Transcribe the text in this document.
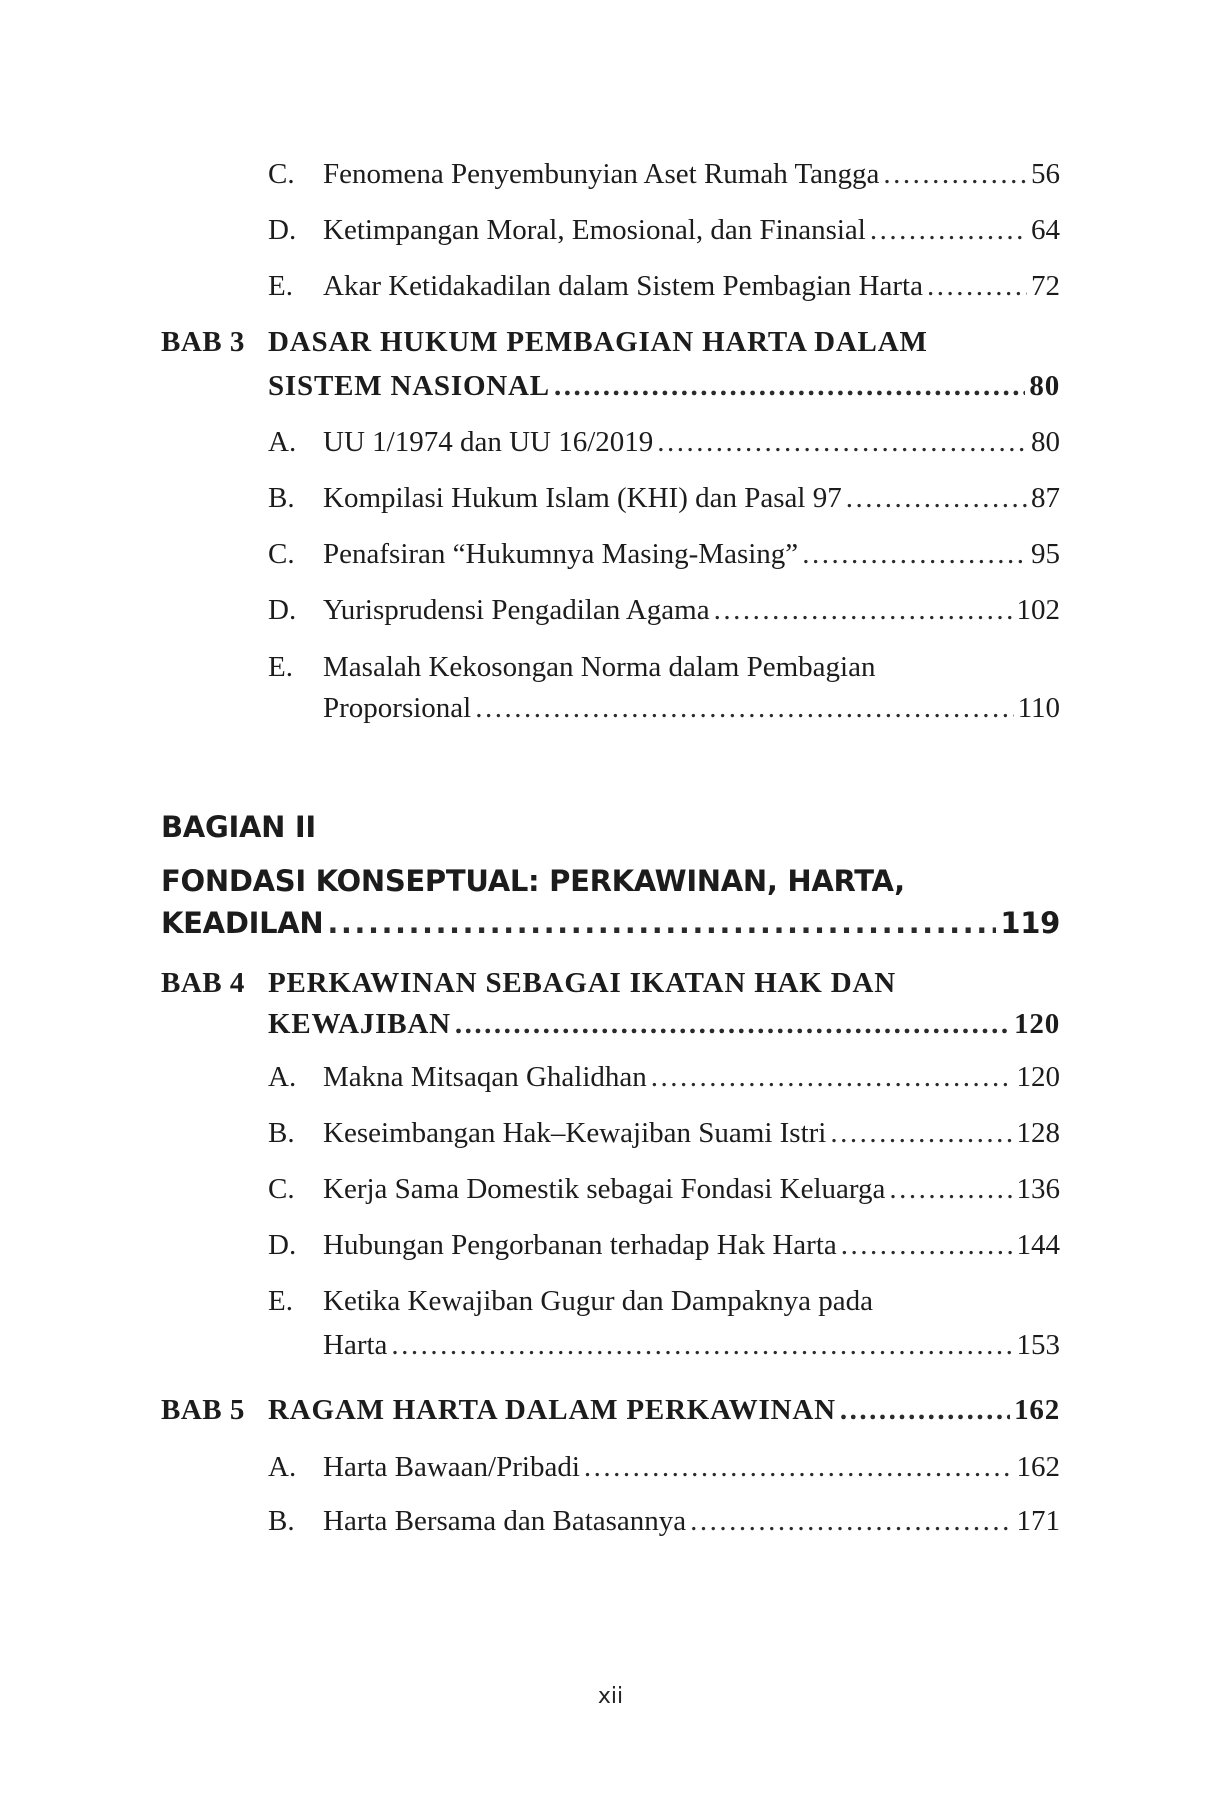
C. Fenomena Penyembunyian Aset Rumah Tangga .....	56
D. Ketimpangan Moral, Emosional, dan Finansial .....	64
E. Akar Ketidakadilan dalam Sistem Pembagian Harta .....	72
BAB 3 DASAR HUKUM PEMBAGIAN HARTA DALAM
SISTEM NASIONAL .....	80
A. UU 1/1974 dan UU 16/2019 .....	80
B. Kompilasi Hukum Islam (KHI) dan Pasal 97 .....	87
C. Penafsiran “Hukumnya Masing-Masing” .....	95
D. Yurisprudensi Pengadilan Agama .....	102
E. Masalah Kekosongan Norma dalam Pembagian
Proporsional .....	110
BAGIAN II
FONDASI KONSEPTUAL: PERKAWINAN, HARTA,
KEADILAN .....	119
BAB 4 PERKAWINAN SEBAGAI IKATAN HAK DAN
KEWAJIBAN .....	120
A. Makna Mitsaqan Ghalidhan .....	120
B. Keseimbangan Hak–Kewajiban Suami Istri .....	128
C. Kerja Sama Domestik sebagai Fondasi Keluarga .....	136
D. Hubungan Pengorbanan terhadap Hak Harta .....	144
E. Ketika Kewajiban Gugur dan Dampaknya pada
Harta .....	153
BAB 5 RAGAM HARTA DALAM PERKAWINAN .....	162
A. Harta Bawaan/Pribadi .....	162
B. Harta Bersama dan Batasannya .....	171
xii
